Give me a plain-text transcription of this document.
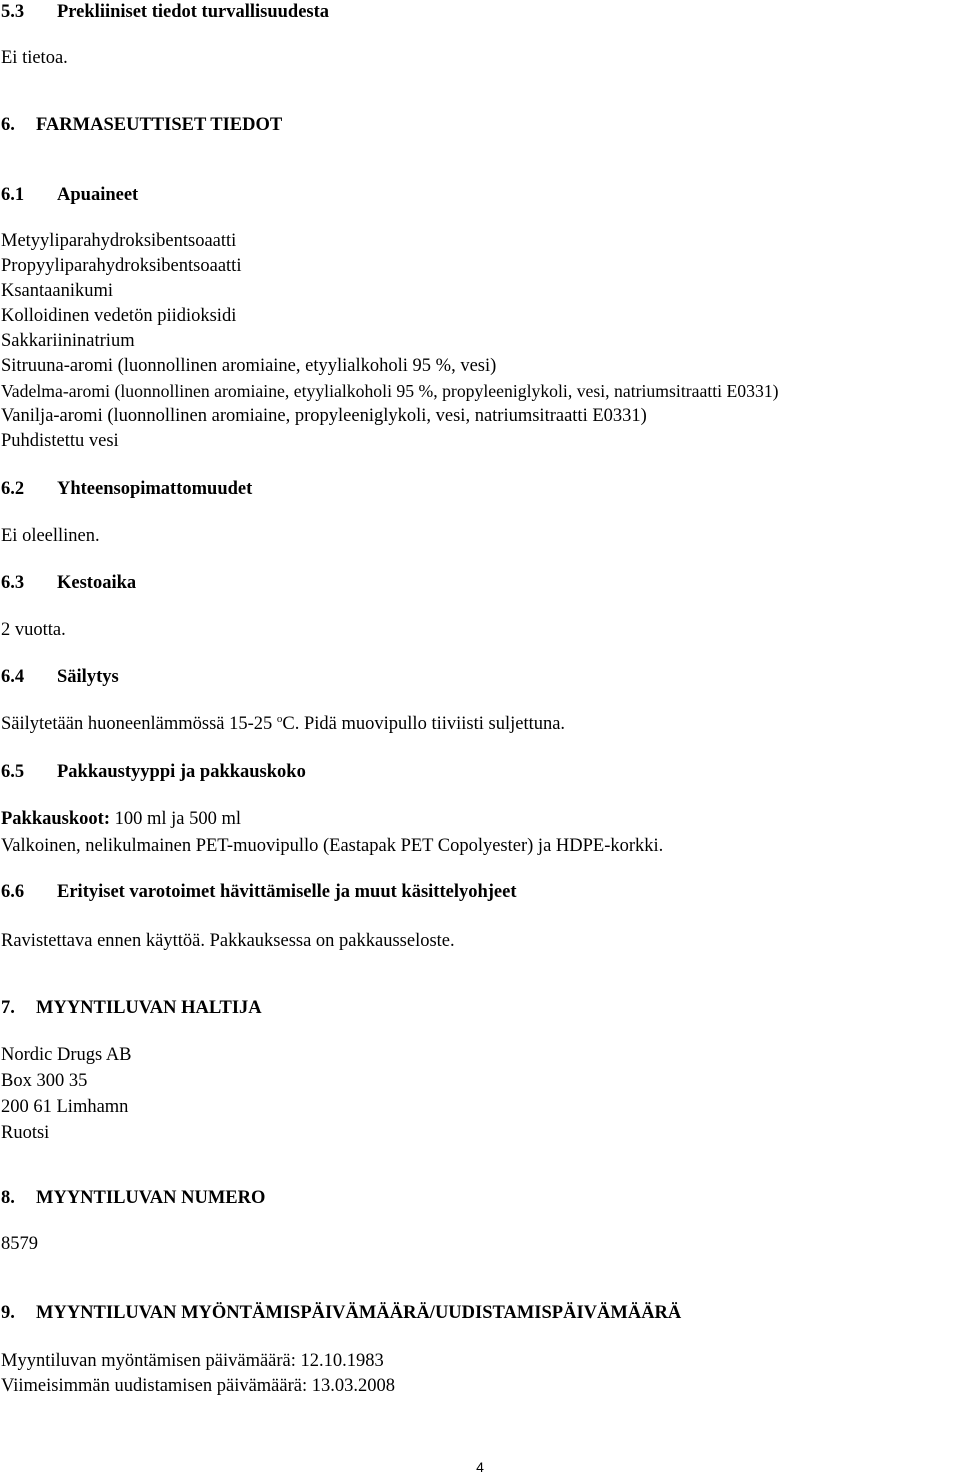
5.3 Prekliiniset tiedot turvallisuudesta

Ei tietoa.

6. FARMASEUTTISET TIEDOT

6.1 Apuaineet

Metyyliparahydroksibentsoaatti

Propyyliparahydroksibentsoaatti

Ksantaanikumi

Kolloidinen vedetön piidioksidi

Sakkariininatrium

Sitruuna-aromi (luonnollinen aromiaine, etyylialkoholi 95 %, vesi)

Vadelma-aromi (luonnollinen aromiaine, etyylialkoholi 95 %, propyleeniglykoli, vesi, natriumsitraatti E0331)

Vanilja-aromi (luonnollinen aromiaine, propyleeniglykoli, vesi, natriumsitraatti E0331)

Puhdistettu vesi

6.2 Yhteensopimattomuudet

Ei oleellinen.

6.3 Kestoaika

2 vuotta.

6.4 Säilytys

Säilytetään huoneenlämmössä 15-25 $^o$C. Pidä muovipullo tiiviisti suljettuna.

6.5 Pakkaustyyppi ja pakkauskoko

Pakkauskoot: 100 ml ja 500 ml

Valkoinen, nelikulmainen PET-muovipullo (Eastapak PET Copolyester) ja HDPE-korkki.

6.6 Erityiset varotoimet hävittämiselle ja muut käsittelyohjeet

Ravistettava ennen käyttöä. Pakkauksessa on pakkausseloste.

7. MYYNTILUVAN HALTIJA

Nordic Drugs AB

Box 300 35

200 61 Limhamn

Ruotsi

8. MYYNTILUVAN NUMERO

8579

9. MYYNTILUVAN MYÖNTÄMISPÄIVÄMÄÄRÄ/UUDISTAMISPÄIVÄMÄÄRÄ

Myyntiluvan myöntämisen päivämäärä: 12.10.1983

Viimeisimmän uudistamisen päivämäärä: 13.03.2008

4
